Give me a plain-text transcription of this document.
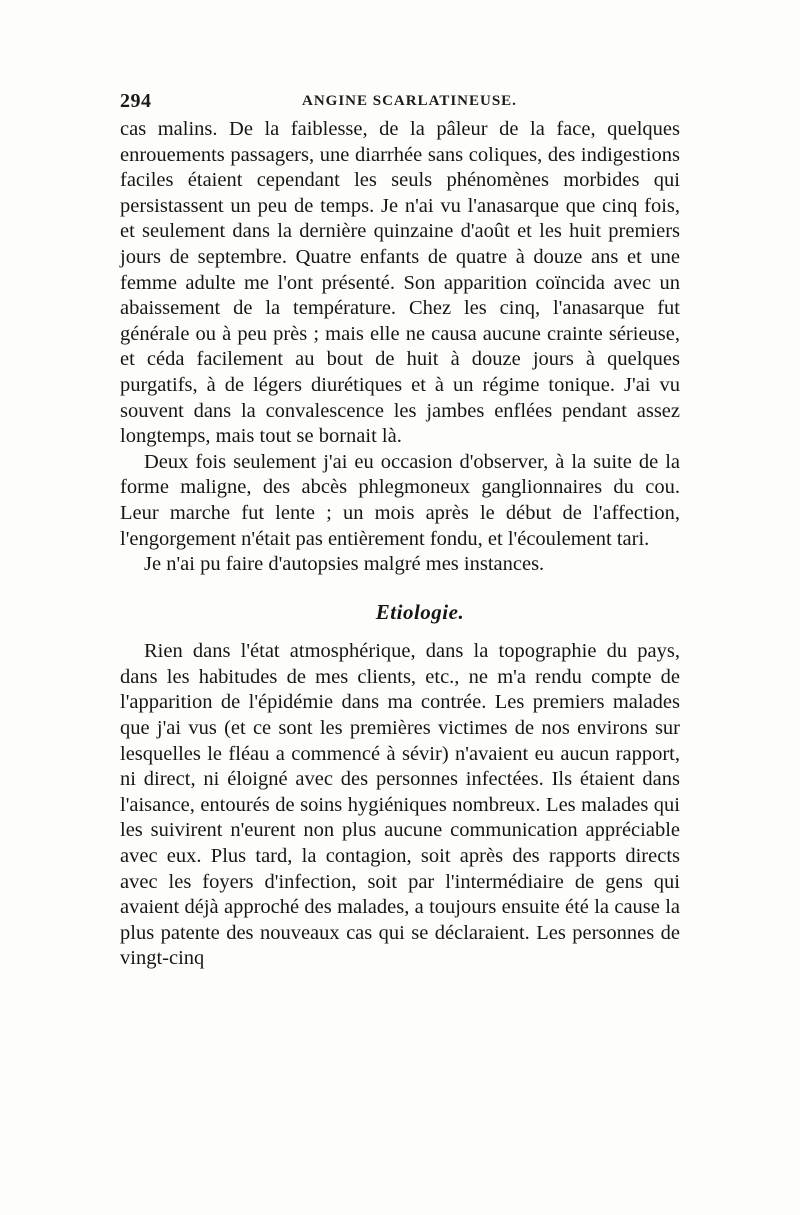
294	ANGINE SCARLATINEUSE.

cas malins. De la faiblesse, de la pâleur de la face, quelques enrouements passagers, une diarrhée sans coliques, des indigestions faciles étaient cependant les seuls phénomènes morbides qui persistassent un peu de temps. Je n'ai vu l'anasarque que cinq fois, et seulement dans la dernière quinzaine d'août et les huit premiers jours de septembre. Quatre enfants de quatre à douze ans et une femme adulte me l'ont présenté. Son apparition coïncida avec un abaissement de la température. Chez les cinq, l'anasarque fut générale ou à peu près ; mais elle ne causa aucune crainte sérieuse, et céda facilement au bout de huit à douze jours à quelques purgatifs, à de légers diurétiques et à un régime tonique. J'ai vu souvent dans la convalescence les jambes enflées pendant assez longtemps, mais tout se bornait là.

Deux fois seulement j'ai eu occasion d'observer, à la suite de la forme maligne, des abcès phlegmoneux ganglionnaires du cou. Leur marche fut lente ; un mois après le début de l'affection, l'engorgement n'était pas entièrement fondu, et l'écoulement tari.

Je n'ai pu faire d'autopsies malgré mes instances.

Etiologie.

Rien dans l'état atmosphérique, dans la topographie du pays, dans les habitudes de mes clients, etc., ne m'a rendu compte de l'apparition de l'épidémie dans ma contrée. Les premiers malades que j'ai vus (et ce sont les premières victimes de nos environs sur lesquelles le fléau a commencé à sévir) n'avaient eu aucun rapport, ni direct, ni éloigné avec des personnes infectées. Ils étaient dans l'aisance, entourés de soins hygiéniques nombreux. Les malades qui les suivirent n'eurent non plus aucune communication appréciable avec eux. Plus tard, la contagion, soit après des rapports directs avec les foyers d'infection, soit par l'intermédiaire de gens qui avaient déjà approché des malades, a toujours ensuite été la cause la plus patente des nouveaux cas qui se déclaraient. Les personnes de vingt-cinq
